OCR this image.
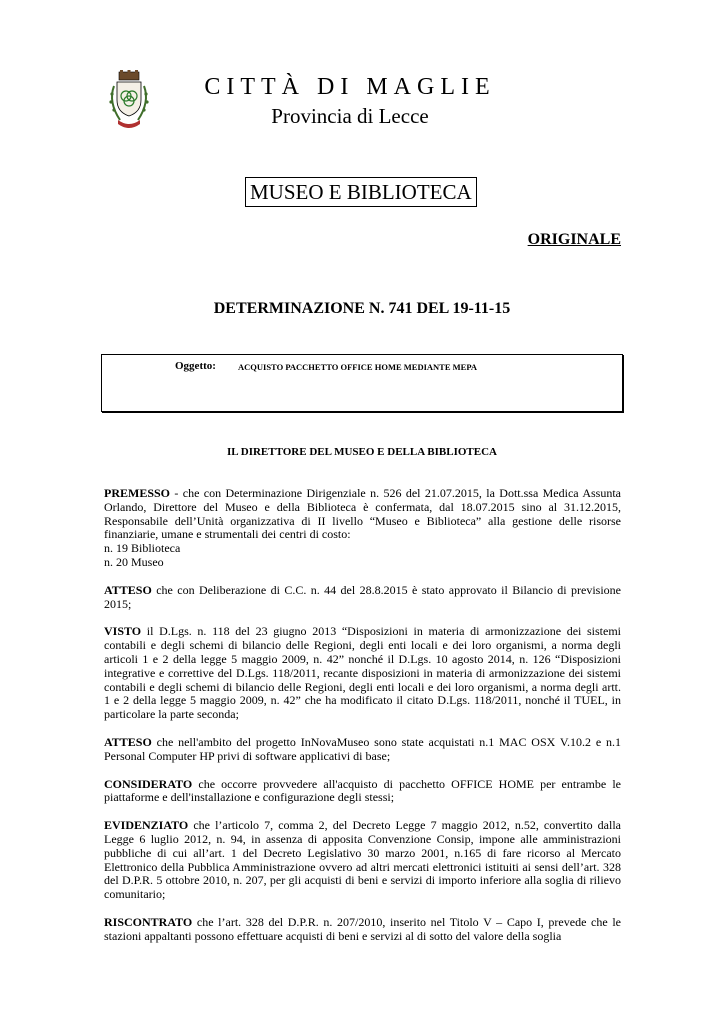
CITTÀ DI MAGLIE
Provincia di Lecce
MUSEO E BIBLIOTECA
ORIGINALE
DETERMINAZIONE N. 741 DEL 19-11-15
Oggetto:	ACQUISTO PACCHETTO OFFICE HOME MEDIANTE MEPA
IL DIRETTORE DEL MUSEO E DELLA BIBLIOTECA

PREMESSO - che con Determinazione Dirigenziale n. 526 del 21.07.2015, la Dott.ssa Medica Assunta Orlando, Direttore del Museo e della Biblioteca è confermata, dal 18.07.2015 sino al 31.12.2015, Responsabile dell’Unità organizzativa di II livello “Museo e Biblioteca” alla gestione delle risorse finanziarie, umane e strumentali dei centri di costo:
n. 19 Biblioteca
n. 20 Museo

ATTESO che con Deliberazione di C.C. n. 44 del 28.8.2015 è stato approvato il Bilancio di previsione 2015;

VISTO il D.Lgs. n. 118 del 23 giugno 2013 “Disposizioni in materia di armonizzazione dei sistemi contabili e degli schemi di bilancio delle Regioni, degli enti locali e dei loro organismi, a norma degli articoli 1 e 2 della legge 5 maggio 2009, n. 42” nonché il D.Lgs. 10 agosto 2014, n. 126 “Disposizioni integrative e correttive del D.Lgs. 118/2011, recante disposizioni in materia di armonizzazione dei sistemi contabili e degli schemi di bilancio delle Regioni, degli enti locali e dei loro organismi, a norma degli artt. 1 e 2 della legge 5 maggio 2009, n. 42” che ha modificato il citato D.Lgs. 118/2011, nonché il TUEL, in particolare la parte seconda;

ATTESO che nell'ambito del progetto InNovaMuseo sono state acquistati n.1 MAC OSX V.10.2 e n.1 Personal Computer HP privi di software applicativi di base;

CONSIDERATO che occorre provvedere all'acquisto di pacchetto OFFICE HOME per entrambe le piattaforme e dell'installazione e configurazione degli stessi;

EVIDENZIATO che l’articolo 7, comma 2, del Decreto Legge 7 maggio 2012, n.52, convertito dalla Legge 6 luglio 2012, n. 94, in assenza di apposita Convenzione Consip, impone alle amministrazioni pubbliche di cui all’art. 1 del Decreto Legislativo 30 marzo 2001, n.165 di fare ricorso al Mercato Elettronico della Pubblica Amministrazione ovvero ad altri mercati elettronici istituiti ai sensi dell’art. 328 del D.P.R. 5 ottobre 2010, n. 207, per gli acquisti di beni e servizi di importo inferiore alla soglia di rilievo comunitario;

RISCONTRATO che l’art. 328 del D.P.R. n. 207/2010, inserito nel Titolo V – Capo I, prevede che le stazioni appaltanti possono effettuare acquisti di beni e servizi al di sotto del valore della soglia
